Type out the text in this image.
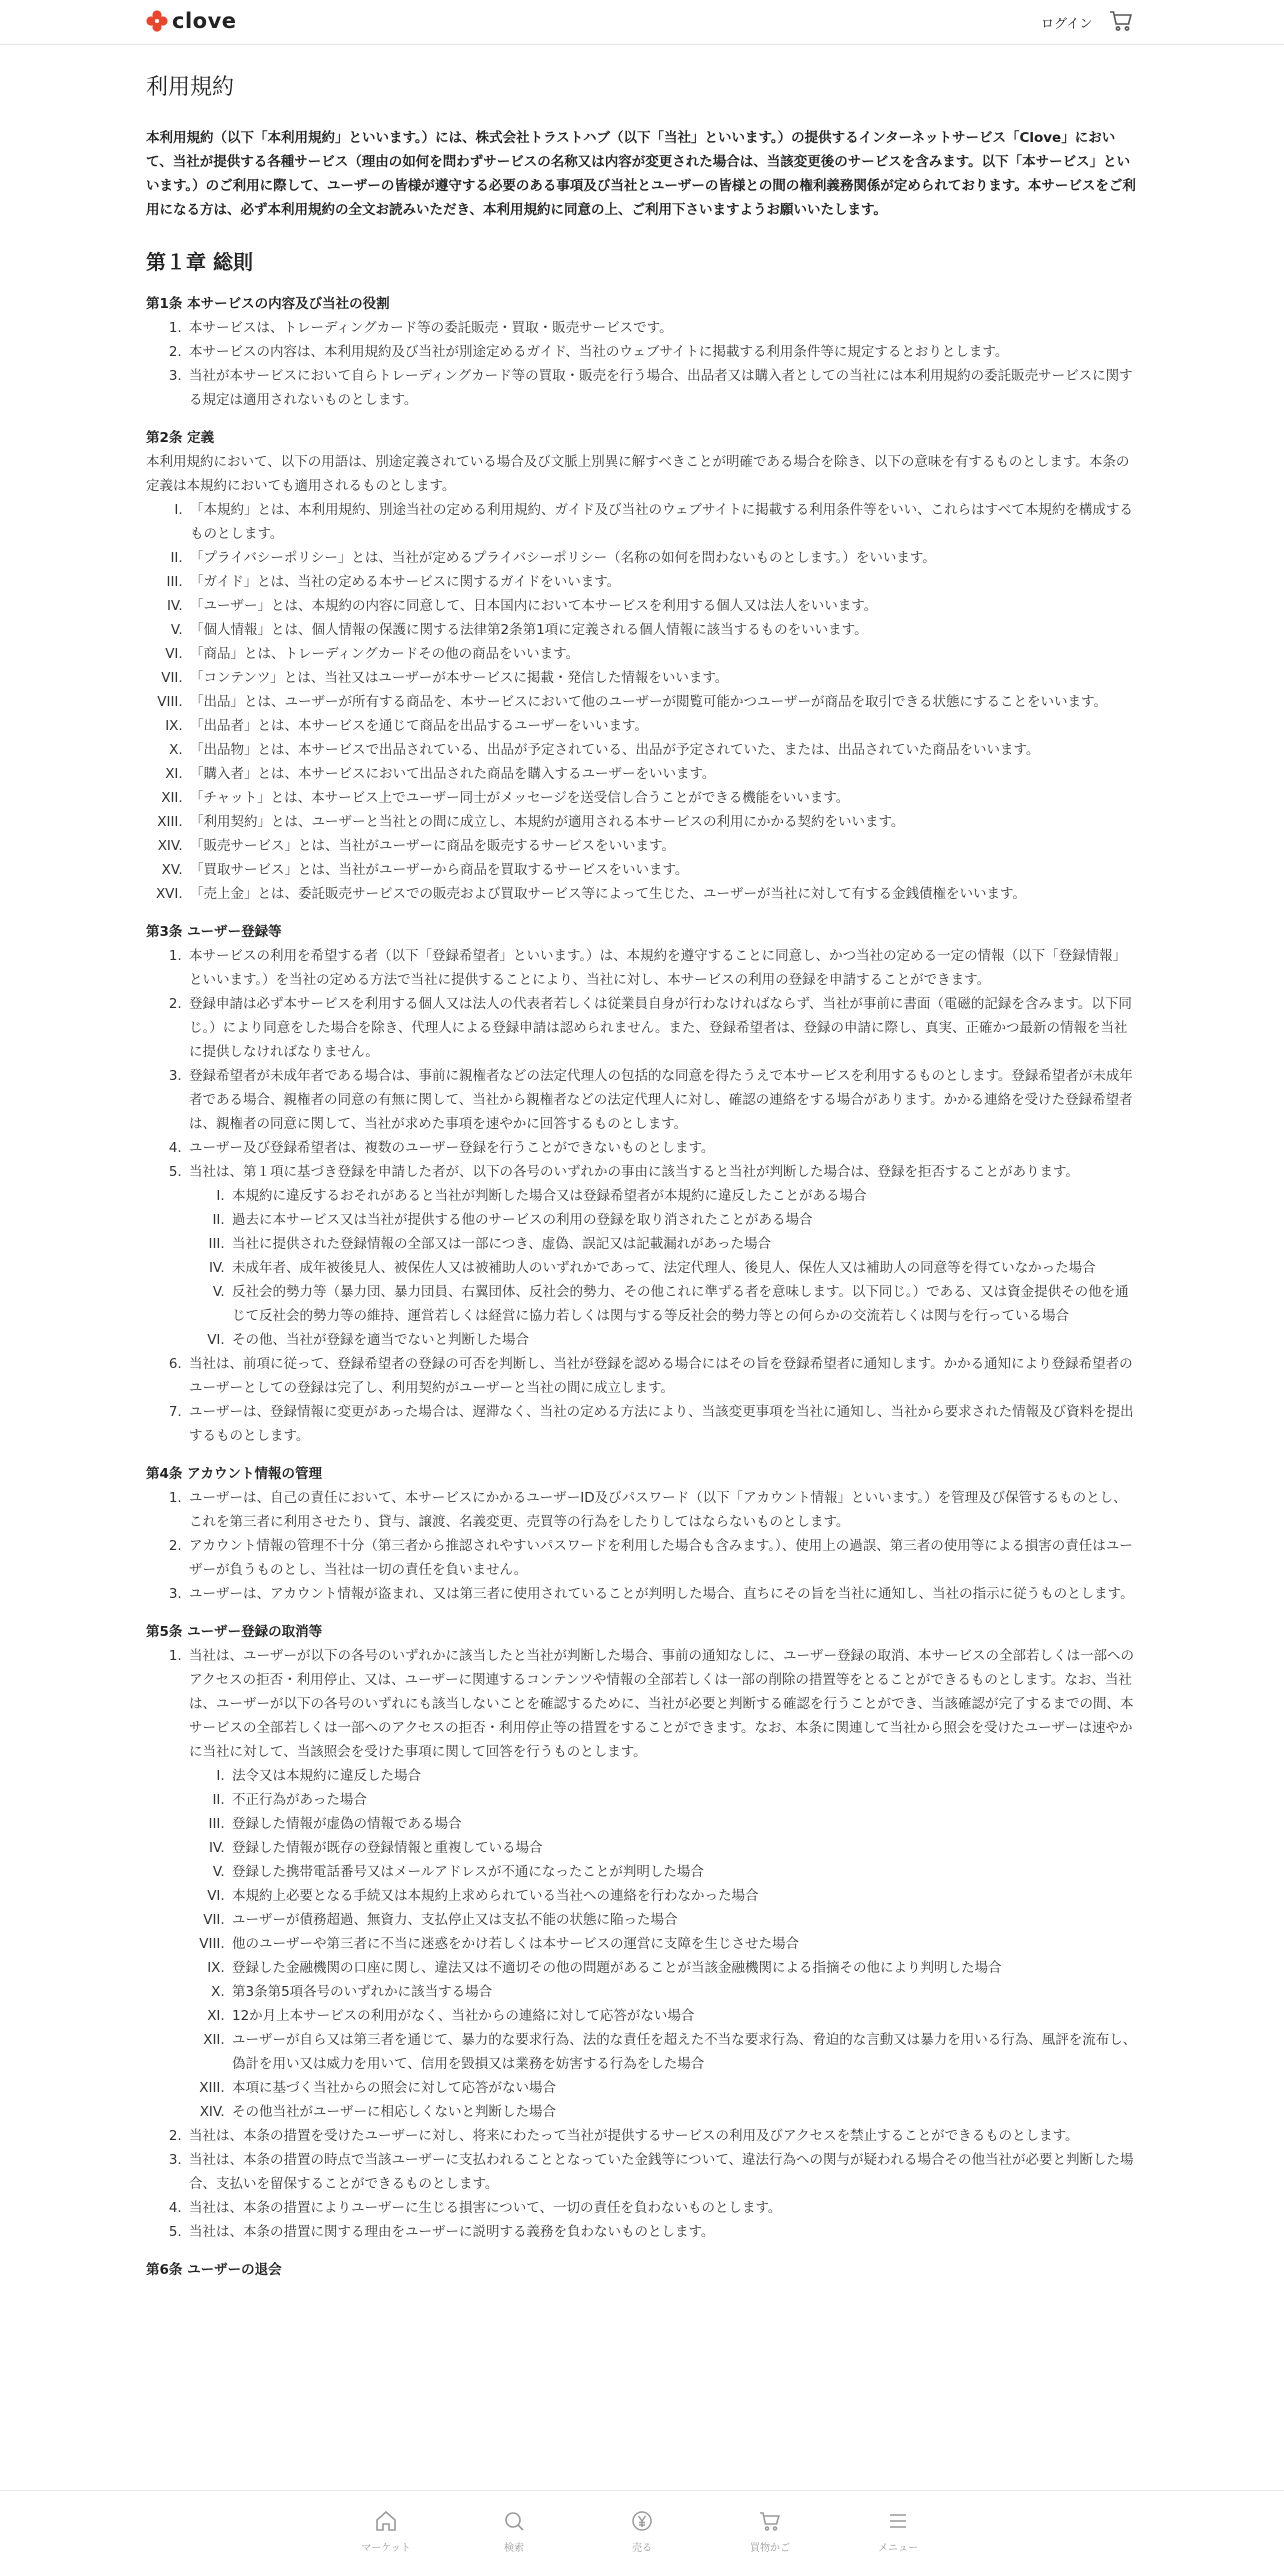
clove	ログイン
利用規約

本利用規約（以下「本利用規約」といいます。）には、株式会社トラストハブ（以下「当社」といいます。）の提供するインターネットサービス「Clove」において、当社が提供する各種サービス（理由の如何を問わずサービスの名称又は内容が変更された場合は、当該変更後のサービスを含みます。以下「本サービス」といいます。）のご利用に際して、ユーザーの皆様が遵守する必要のある事項及び当社とユーザーの皆様との間の権利義務関係が定められております。本サービスをご利用になる方は、必ず本利用規約の全文お読みいただき、本利用規約に同意の上、ご利用下さいますようお願いいたします。

第１章 総則
第1条 本サービスの内容及び当社の役割
1. 本サービスは、トレーディングカード等の委託販売・買取・販売サービスです。
2. 本サービスの内容は、本利用規約及び当社が別途定めるガイド、当社のウェブサイトに掲載する利用条件等に規定するとおりとします。
3. 当社が本サービスにおいて自らトレーディングカード等の買取・販売を行う場合、出品者又は購入者としての当社には本利用規約の委託販売サービスに関する規定は適用されないものとします。
第2条 定義
本利用規約において、以下の用語は、別途定義されている場合及び文脈上別異に解すべきことが明確である場合を除き、以下の意味を有するものとします。本条の定義は本規約においても適用されるものとします。
I. 「本規約」とは、本利用規約、別途当社の定める利用規約、ガイド及び当社のウェブサイトに掲載する利用条件等をいい、これらはすべて本規約を構成するものとします。
II. 「プライバシーポリシー」とは、当社が定めるプライバシーポリシー（名称の如何を問わないものとします。）をいいます。
III. 「ガイド」とは、当社の定める本サービスに関するガイドをいいます。
IV. 「ユーザー」とは、本規約の内容に同意して、日本国内において本サービスを利用する個人又は法人をいいます。
V. 「個人情報」とは、個人情報の保護に関する法律第2条第1項に定義される個人情報に該当するものをいいます。
VI. 「商品」とは、トレーディングカードその他の商品をいいます。
VII. 「コンテンツ」とは、当社又はユーザーが本サービスに掲載・発信した情報をいいます。
VIII. 「出品」とは、ユーザーが所有する商品を、本サービスにおいて他のユーザーが閲覧可能かつユーザーが商品を取引できる状態にすることをいいます。
IX. 「出品者」とは、本サービスを通じて商品を出品するユーザーをいいます。
X. 「出品物」とは、本サービスで出品されている、出品が予定されている、出品が予定されていた、または、出品されていた商品をいいます。
XI. 「購入者」とは、本サービスにおいて出品された商品を購入するユーザーをいいます。
XII. 「チャット」とは、本サービス上でユーザー同士がメッセージを送受信し合うことができる機能をいいます。
XIII. 「利用契約」とは、ユーザーと当社との間に成立し、本規約が適用される本サービスの利用にかかる契約をいいます。
XIV. 「販売サービス」とは、当社がユーザーに商品を販売するサービスをいいます。
XV. 「買取サービス」とは、当社がユーザーから商品を買取するサービスをいいます。
XVI. 「売上金」とは、委託販売サービスでの販売および買取サービス等によって生じた、ユーザーが当社に対して有する金銭債権をいいます。
第3条 ユーザー登録等
1. 本サービスの利用を希望する者（以下「登録希望者」といいます。）は、本規約を遵守することに同意し、かつ当社の定める一定の情報（以下「登録情報」といいます。）を当社の定める方法で当社に提供することにより、当社に対し、本サービスの利用の登録を申請することができます。
2. 登録申請は必ず本サービスを利用する個人又は法人の代表者若しくは従業員自身が行わなければならず、当社が事前に書面（電磁的記録を含みます。以下同じ。）により同意をした場合を除き、代理人による登録申請は認められません。また、登録希望者は、登録の申請に際し、真実、正確かつ最新の情報を当社に提供しなければなりません。
3. 登録希望者が未成年者である場合は、事前に親権者などの法定代理人の包括的な同意を得たうえで本サービスを利用するものとします。登録希望者が未成年者である場合、親権者の同意の有無に関して、当社から親権者などの法定代理人に対し、確認の連絡をする場合があります。かかる連絡を受けた登録希望者は、親権者の同意に関して、当社が求めた事項を速やかに回答するものとします。
4. ユーザー及び登録希望者は、複数のユーザー登録を行うことができないものとします。
5. 当社は、第１項に基づき登録を申請した者が、以下の各号のいずれかの事由に該当すると当社が判断した場合は、登録を拒否することがあります。
I. 本規約に違反するおそれがあると当社が判断した場合又は登録希望者が本規約に違反したことがある場合
II. 過去に本サービス又は当社が提供する他のサービスの利用の登録を取り消されたことがある場合
III. 当社に提供された登録情報の全部又は一部につき、虚偽、誤記又は記載漏れがあった場合
IV. 未成年者、成年被後見人、被保佐人又は被補助人のいずれかであって、法定代理人、後見人、保佐人又は補助人の同意等を得ていなかった場合
V. 反社会的勢力等（暴力団、暴力団員、右翼団体、反社会的勢力、その他これに準ずる者を意味します。以下同じ。）である、又は資金提供その他を通じて反社会的勢力等の維持、運営若しくは経営に協力若しくは関与する等反社会的勢力等との何らかの交流若しくは関与を行っている場合
VI. その他、当社が登録を適当でないと判断した場合
6. 当社は、前項に従って、登録希望者の登録の可否を判断し、当社が登録を認める場合にはその旨を登録希望者に通知します。かかる通知により登録希望者のユーザーとしての登録は完了し、利用契約がユーザーと当社の間に成立します。
7. ユーザーは、登録情報に変更があった場合は、遅滞なく、当社の定める方法により、当該変更事項を当社に通知し、当社から要求された情報及び資料を提出するものとします。
第4条 アカウント情報の管理
1. ユーザーは、自己の責任において、本サービスにかかるユーザーID及びパスワード（以下「アカウント情報」といいます。）を管理及び保管するものとし、これを第三者に利用させたり、貸与、譲渡、名義変更、売買等の行為をしたりしてはならないものとします。
2. アカウント情報の管理不十分（第三者から推認されやすいパスワードを利用した場合も含みます。）、使用上の過誤、第三者の使用等による損害の責任はユーザーが負うものとし、当社は一切の責任を負いません。
3. ユーザーは、アカウント情報が盗まれ、又は第三者に使用されていることが判明した場合、直ちにその旨を当社に通知し、当社の指示に従うものとします。
第5条 ユーザー登録の取消等
1. 当社は、ユーザーが以下の各号のいずれかに該当したと当社が判断した場合、事前の通知なしに、ユーザー登録の取消、本サービスの全部若しくは一部へのアクセスの拒否・利用停止、又は、ユーザーに関連するコンテンツや情報の全部若しくは一部の削除の措置等をとることができるものとします。なお、当社は、ユーザーが以下の各号のいずれにも該当しないことを確認するために、当社が必要と判断する確認を行うことができ、当該確認が完了するまでの間、本サービスの全部若しくは一部へのアクセスの拒否・利用停止等の措置をすることができます。なお、本条に関連して当社から照会を受けたユーザーは速やかに当社に対して、当該照会を受けた事項に関して回答を行うものとします。
I. 法令又は本規約に違反した場合
II. 不正行為があった場合
III. 登録した情報が虚偽の情報である場合
IV. 登録した情報が既存の登録情報と重複している場合
V. 登録した携帯電話番号又はメールアドレスが不通になったことが判明した場合
VI. 本規約上必要となる手続又は本規約上求められている当社への連絡を行わなかった場合
VII. ユーザーが債務超過、無資力、支払停止又は支払不能の状態に陥った場合
VIII. 他のユーザーや第三者に不当に迷惑をかけ若しくは本サービスの運営に支障を生じさせた場合
IX. 登録した金融機関の口座に関し、違法又は不適切その他の問題があることが当該金融機関による指摘その他により判明した場合
X. 第3条第5項各号のいずれかに該当する場合
XI. 12か月上本サービスの利用がなく、当社からの連絡に対して応答がない場合
XII. ユーザーが自ら又は第三者を通じて、暴力的な要求行為、法的な責任を超えた不当な要求行為、脅迫的な言動又は暴力を用いる行為、風評を流布し、偽計を用い又は威力を用いて、信用を毀損又は業務を妨害する行為をした場合
XIII. 本項に基づく当社からの照会に対して応答がない場合
XIV. その他当社がユーザーに相応しくないと判断した場合
2. 当社は、本条の措置を受けたユーザーに対し、将来にわたって当社が提供するサービスの利用及びアクセスを禁止することができるものとします。
3. 当社は、本条の措置の時点で当該ユーザーに支払われることとなっていた金銭等について、違法行為への関与が疑われる場合その他当社が必要と判断した場合、支払いを留保することができるものとします。
4. 当社は、本条の措置によりユーザーに生じる損害について、一切の責任を負わないものとします。
5. 当社は、本条の措置に関する理由をユーザーに説明する義務を負わないものとします。
第6条 ユーザーの退会
マーケット	検索	売る	買物かご	メニュー
